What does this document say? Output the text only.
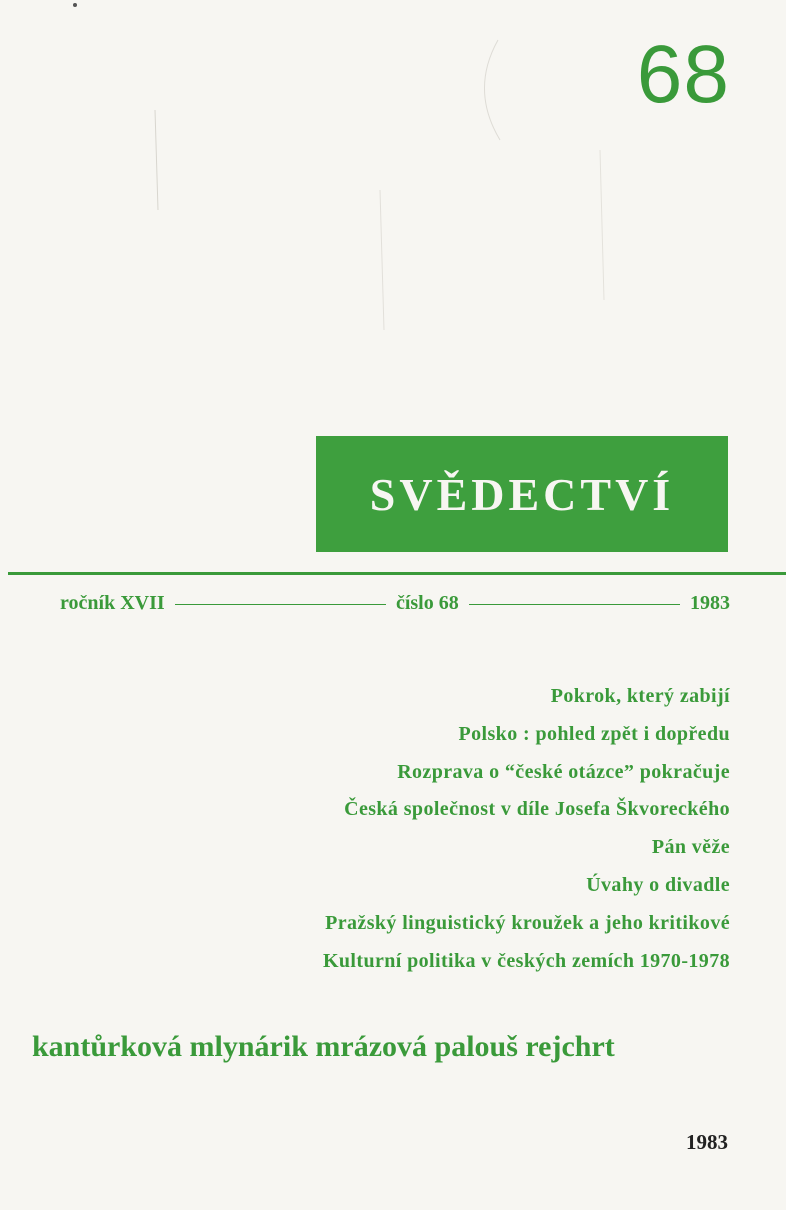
68
SVĚDECTVÍ
ročník XVII	číslo 68	1983
Pokrok, který zabijí
Polsko : pohled zpět i dopředu
Rozprava o “české otázce” pokračuje
Česká společnost v díle Josefa Škvoreckého
Pán věže
Úvahy o divadle
Pražský linguistický kroužek a jeho kritikové
Kulturní politika v českých zemích 1970-1978
kantůrková mlynárik mrázová palouš rejchrt
1983
